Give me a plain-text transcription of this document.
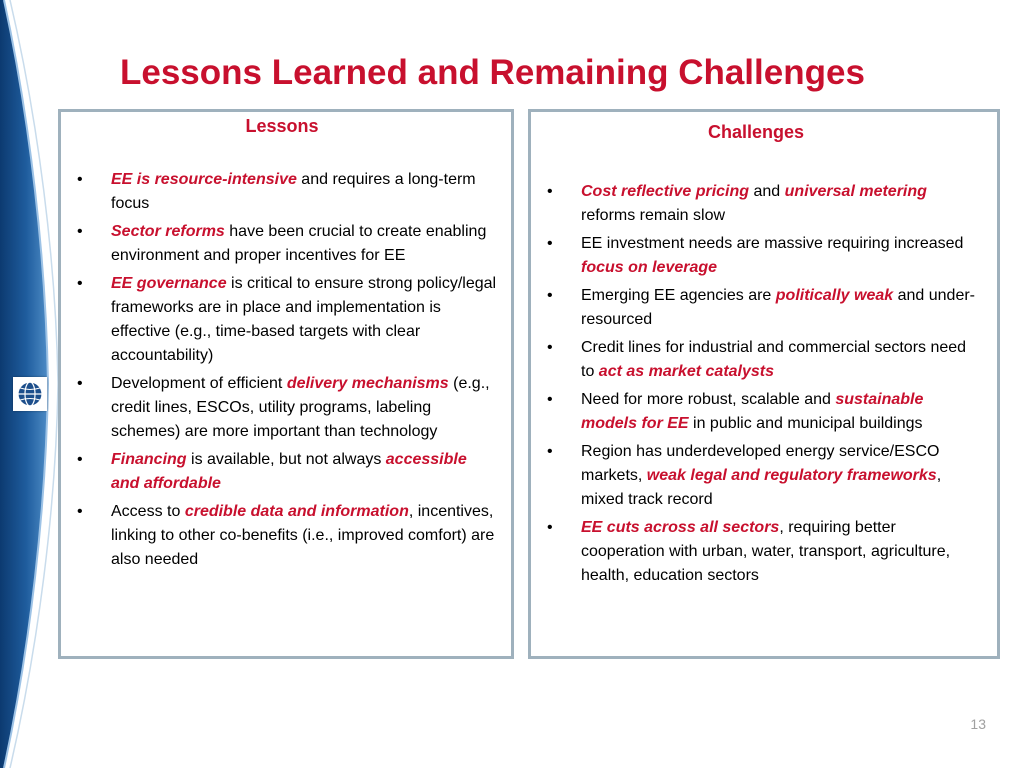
Lessons Learned and Remaining Challenges
Lessons
• EE is resource-intensive and requires a long-term focus
• Sector reforms have been crucial to create enabling environment and proper incentives for EE
• EE governance is critical to ensure strong policy/legal frameworks are in place and implementation is effective (e.g., time-based targets with clear accountability)
• Development of efficient delivery mechanisms (e.g., credit lines, ESCOs, utility programs, labeling schemes) are more important than technology
• Financing is available, but not always accessible and affordable
• Access to credible data and information, incentives, linking to other co-benefits (i.e., improved comfort) are also needed
Challenges
• Cost reflective pricing and universal metering reforms remain slow
• EE investment needs are massive requiring increased focus on leverage
• Emerging EE agencies are politically weak and under-resourced
• Credit lines for industrial and commercial sectors need to act as market catalysts
• Need for more robust, scalable and sustainable models for EE in public and municipal buildings
• Region has underdeveloped energy service/ESCO markets, weak legal and regulatory frameworks, mixed track record
• EE cuts across all sectors, requiring better cooperation with urban, water, transport, agriculture, health, education sectors
13
